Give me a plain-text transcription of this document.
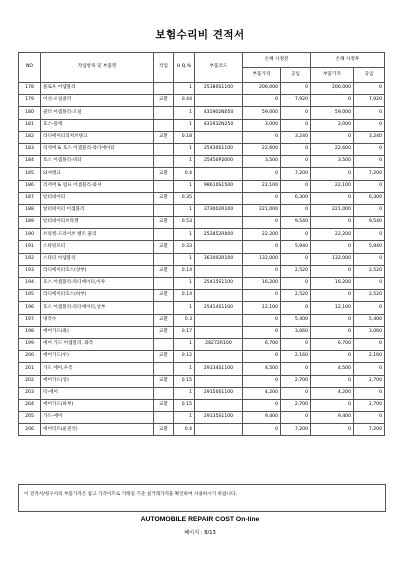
보험수리비 견적서
NO	작업항목 및 부품명	작업	H.Q.%	부품코드	손해 사정전		손해 사정후	
					부품가격	공임	부품가격	공임
178	플로우 어셈블리		1	25380S1100	206,000	0	206,000	0
179	이선-오일쿨러	교환	0.44		0	7,920	0	7,920
180	쿨러 어셈블리-오일		1	431902N050	59,000	0	59,000	0
181	호스-플렉		1	431932N250	3,000	0	3,000	0
182	라디에이터리저브탱크	교환	0.18		0	3,240	0	3,240
183	리저버 & 호스 어셈블리-라디에이터		1	25430S1100	22,600	0	22,600	0
184	호스 어셈블리-비터		1	25450P2000	3,500	0	3,500	0
185	와셔탱크	교환	0.4		0	7,200	0	7,200
186	리저버 & 펌프 어셈블리-와셔		1	98610S1500	22,100	0	22,100	0
187	알터네이터	교환	0.35		0	6,300	0	6,300
188	알터네이터 어셈블리		1	373002R100	221,000	0	221,000	0
189	알터네이터브라켓	교환	0.53		0	9,540	0	9,540
190	브라켓-드라이브 벨트 풀리		1	252852R000	22,200	0	22,200	0
191	스타팅모터	교환	0.33		0	5,940	0	5,940
192	스타터 어셈블리		1	361002R100	132,000	0	132,000	0
193	라디에이터호스(상부)	교환	0.14		0	2,520	0	2,520
194	호스 어셈블리-라디에이터,아투		1	25415S1100	16,200	0	16,200	0
195	라디에이터호스(하부)	교환	0.14		0	2,520	0	2,520
196	호스 어셈블리-라디에이터,상부		1	25414S1100	12,100	0	12,100	0
197	냉각수	교환	0.3		0	5,400	0	5,400
198	에어가드(좌)	교환	0.17		0	3,060	0	3,060
199	에어 가드 어셈블리, 좌측		1	28272R100	6,700	0	6,700	0
200	에어가드(우)	교환	0.12		0	2,160	0	2,160
201	가드 에어,우측		1	29134S1100	4,500	0	4,500	0
202	에어가드(상)	교환	0.15		0	2,700	0	2,700
203	덕-에어		1	29150S1100	4,200	0	4,200	0
204	에어가드(하부)	교환	0.15		0	2,700	0	2,700
205	가드-에어		1	29135S1100	9,400	0	9,400	0
206	에어덕트(운전석)	교환	0.4		0	7,200	0	7,200
이 견적서/청구서의 부품가격은 참고 가격이므로 거래일 기준 실거래가격을 확인하여 사용하시기 바랍니다.
AUTOMOBILE REPAIR COST On-line
페이지 : 8/13
